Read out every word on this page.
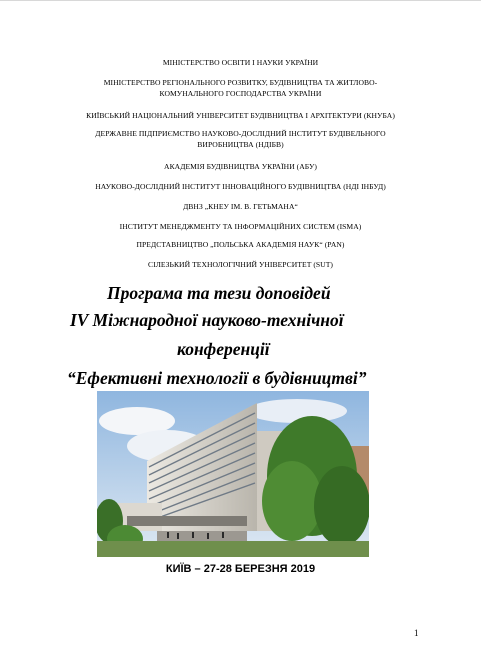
МІНІСТЕРСТВО ОСВІТИ І НАУКИ УКРАЇНИ
МІНІСТЕРСТВО РЕГІОНАЛЬНОГО РОЗВИТКУ, БУДІВНИЦТВА ТА ЖИТЛОВО-
КОМУНАЛЬНОГО ГОСПОДАРСТВА УКРАЇНИ
КИЇВСЬКИЙ НАЦІОНАЛЬНИЙ УНІВЕРСИТЕТ БУДІВНИЦТВА І АРХІТЕКТУРИ (КНУБА)
ДЕРЖАВНЕ ПІДПРИЄМСТВО НАУКОВО-ДОСЛІДНИЙ ІНСТИТУТ БУДІВЕЛЬНОГО
ВИРОБНИЦТВА (НДІБВ)
АКАДЕМІЯ БУДІВНИЦТВА УКРАЇНИ (АБУ)
НАУКОВО-ДОСЛІДНИЙ ІНСТИТУТ ІННОВАЦІЙНОГО БУДІВНИЦТВА (НДІ ІНБУД)
ДВНЗ „КНЕУ ІМ. В. ГЕТЬМАНА“
ІНСТИТУТ МЕНЕДЖМЕНТУ ТА ІНФОРМАЦІЙНИХ СИСТЕМ (ISMA)
ПРЕДСТАВНИЦТВО „ПОЛЬСЬКА АКАДЕМІЯ НАУК“ (PAN)
СІЛЕЗЬКИЙ ТЕХНОЛОГІЧНИЙ УНІВЕРСИТЕТ (SUT)
Програма та тези доповідей
IV Міжнародної науково-технічної
конференції
“Ефективні технології в будівництві”
КИЇВ – 27-28 БЕРЕЗНЯ 2019
1
